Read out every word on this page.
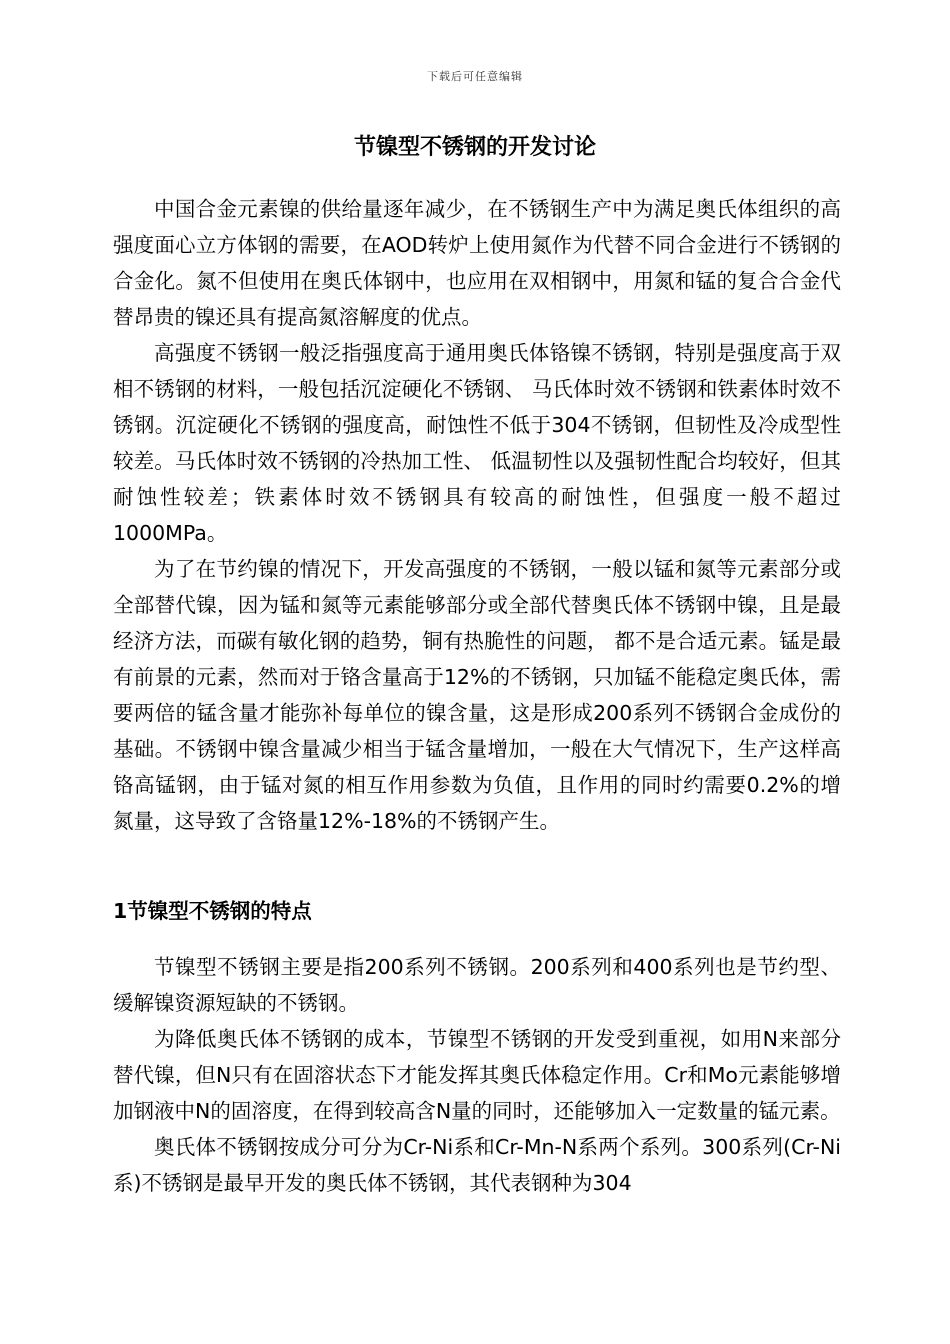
下载后可任意编辑
节镍型不锈钢的开发讨论

中国合金元素镍的供给量逐年减少，在不锈钢生产中为满足奥氏体组织的高强度面心立方体钢的需要，在AOD转炉上使用氮作为代替不同合金进行不锈钢的合金化。氮不但使用在奥氏体钢中，也应用在双相钢中，用氮和锰的复合合金代替昂贵的镍还具有提高氮溶解度的优点。

高强度不锈钢一般泛指强度高于通用奥氏体铬镍不锈钢，特别是强度高于双相不锈钢的材料，一般包括沉淀硬化不锈钢、 马氏体时效不锈钢和铁素体时效不锈钢。沉淀硬化不锈钢的强度高，耐蚀性不低于304不锈钢，但韧性及冷成型性较差。马氏体时效不锈钢的冷热加工性、 低温韧性以及强韧性配合均较好，但其耐蚀性较差；铁素体时效不锈钢具有较高的耐蚀性，但强度一般不超过1000MPa。

为了在节约镍的情况下，开发高强度的不锈钢，一般以锰和氮等元素部分或全部替代镍，因为锰和氮等元素能够部分或全部代替奥氏体不锈钢中镍，且是最经济方法，而碳有敏化钢的趋势，铜有热脆性的问题， 都不是合适元素。锰是最有前景的元素，然而对于铬含量高于12%的不锈钢，只加锰不能稳定奥氏体，需要两倍的锰含量才能弥补每单位的镍含量，这是形成200系列不锈钢合金成份的基础。不锈钢中镍含量减少相当于锰含量增加，一般在大气情况下，生产这样高铬高锰钢，由于锰对氮的相互作用参数为负值，且作用的同时约需要0.2%的增氮量，这导致了含铬量12%-18%的不锈钢产生。

1节镍型不锈钢的特点

节镍型不锈钢主要是指200系列不锈钢。200系列和400系列也是节约型、 缓解镍资源短缺的不锈钢。

为降低奥氏体不锈钢的成本，节镍型不锈钢的开发受到重视，如用N来部分替代镍，但N只有在固溶状态下才能发挥其奥氏体稳定作用。Cr和Mo元素能够增加钢液中N的固溶度，在得到较高含N量的同时，还能够加入一定数量的锰元素。

奥氏体不锈钢按成分可分为Cr-Ni系和Cr-Mn-N系两个系列。300系列(Cr-Ni系)不锈钢是最早开发的奥氏体不锈钢，其代表钢种为304
